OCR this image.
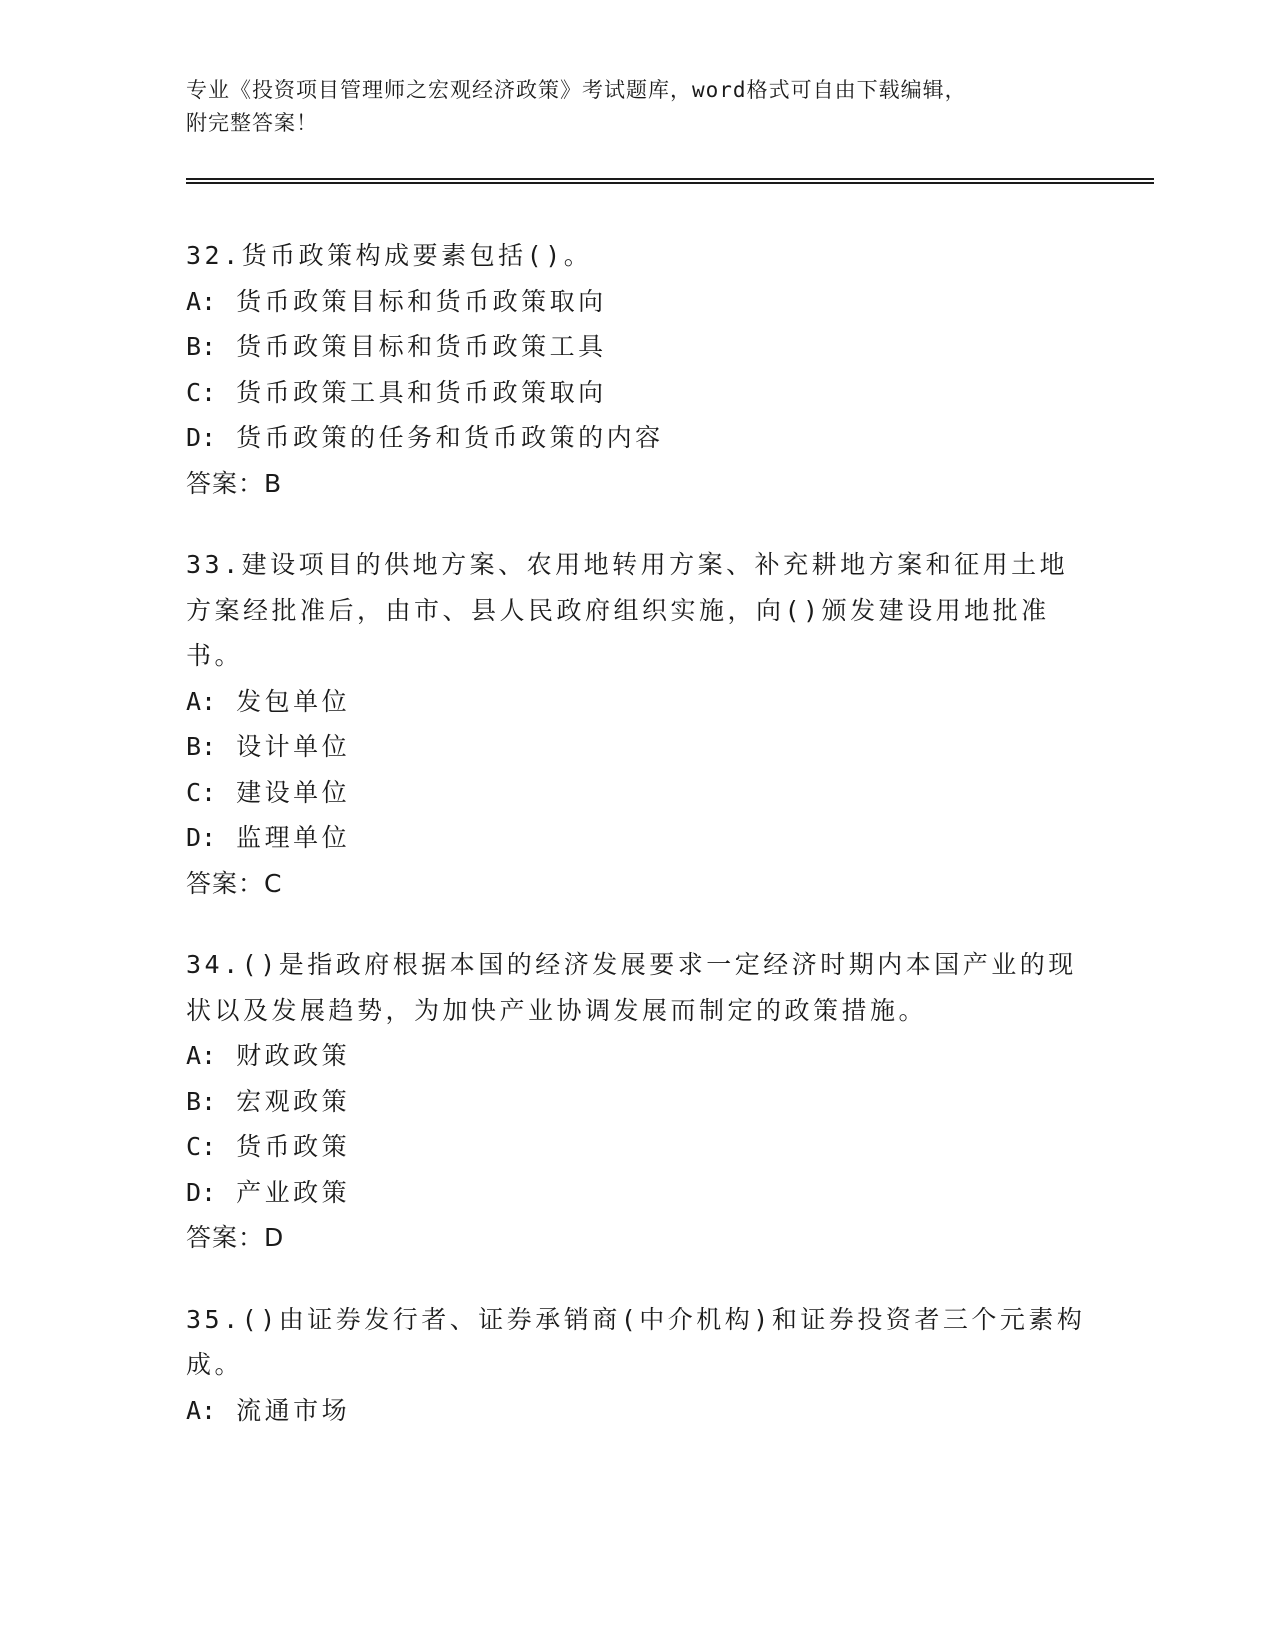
专业《投资项目管理师之宏观经济政策》考试题库，word格式可自由下载编辑，
附完整答案！

32.货币政策构成要素包括()。

A: 货币政策目标和货币政策取向

B: 货币政策目标和货币政策工具

C: 货币政策工具和货币政策取向

D: 货币政策的任务和货币政策的内容

答案：B

33.建设项目的供地方案、农用地转用方案、补充耕地方案和征用土地方案经批准后，由市、县人民政府组织实施，向()颁发建设用地批准书。

A: 发包单位

B: 设计单位

C: 建设单位

D: 监理单位

答案：C

34.()是指政府根据本国的经济发展要求一定经济时期内本国产业的现状以及发展趋势，为加快产业协调发展而制定的政策措施。

A: 财政政策

B: 宏观政策

C: 货币政策

D: 产业政策

答案：D

35.()由证券发行者、证券承销商(中介机构)和证券投资者三个元素构成。

A: 流通市场
